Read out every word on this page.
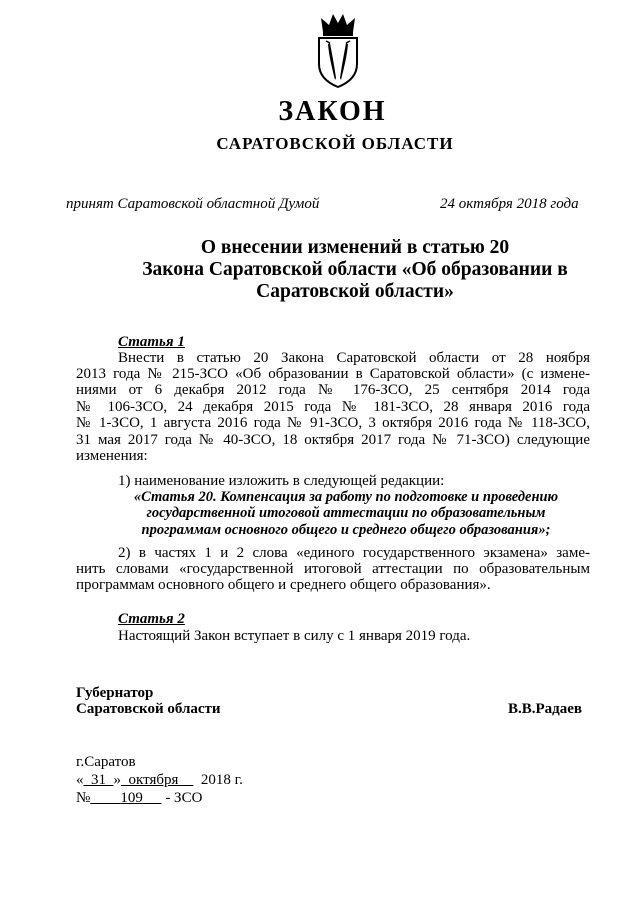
ЗАКОН
САРАТОВСКОЙ ОБЛАСТИ
принят Саратовской областной Думой	24 октября 2018 года
О внесении изменений в статью 20
Закона Саратовской области «Об образовании в
Саратовской области»
Статья 1
Внести в статью 20 Закона Саратовской области от 28 ноября
2013 года № 215-ЗСО «Об образовании в Саратовской области» (с измене-
ниями от 6 декабря 2012 года № 176-ЗСО, 25 сентября 2014 года
№ 106-ЗСО, 24 декабря 2015 года № 181-ЗСО, 28 января 2016 года
№ 1-ЗСО, 1 августа 2016 года № 91-ЗСО, 3 октября 2016 года № 118-ЗСО,
31 мая 2017 года № 40-ЗСО, 18 октября 2017 года № 71-ЗСО) следующие
изменения:
1) наименование изложить в следующей редакции:
«Статья 20. Компенсация за работу по подготовке и проведению
государственной итоговой аттестации по образовательным
программам основного общего и среднего общего образования»;
2) в частях 1 и 2 слова «единого государственного экзамена» заме-
нить словами «государственной итоговой аттестации по образовательным
программам основного общего и среднего общего образования».
Статья 2
Настоящий Закон вступает в силу с 1 января 2019 года.
Губернатор
Саратовской области	В.В.Радаев
г.Саратов
« 31 » октября 2018 г.
№ 109 - ЗСО
